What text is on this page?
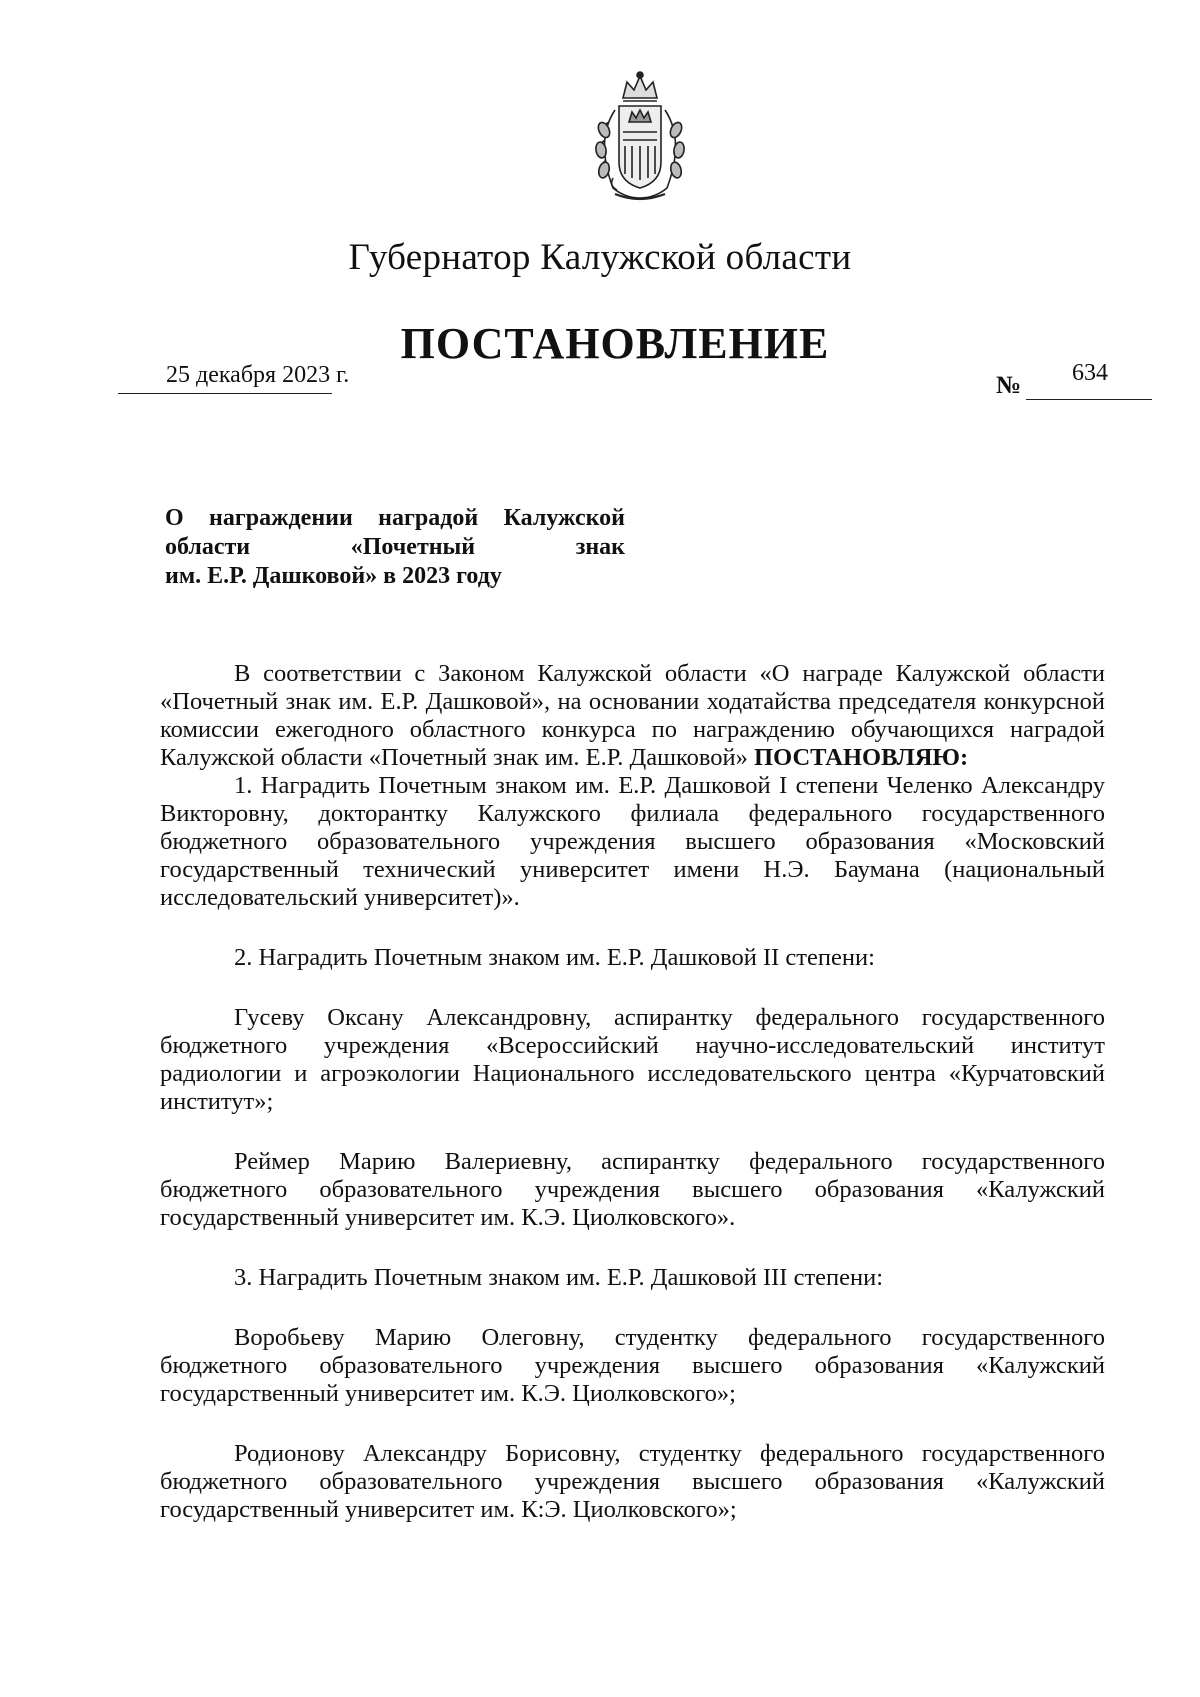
Губернатор Калужской области
ПОСТАНОВЛЕНИЕ
25 декабря 2023 г.	№ 634
О награждении наградой Калужской
области «Почетный знак
им. Е.Р. Дашковой» в 2023 году

В соответствии с Законом Калужской области «О награде Калужской области «Почетный знак им. Е.Р. Дашковой», на основании ходатайства председателя конкурсной комиссии ежегодного областного конкурса по награждению обучающихся наградой Калужской области «Почетный знак им. Е.Р. Дашковой» ПОСТАНОВЛЯЮ:

1. Наградить Почетным знаком им. Е.Р. Дашковой I степени Челенко Александру Викторовну, докторантку Калужского филиала федерального государственного бюджетного образовательного учреждения высшего образования «Московский государственный технический университет имени Н.Э. Баумана (национальный исследовательский университет)».

2. Наградить Почетным знаком им. Е.Р. Дашковой II степени:

Гусеву Оксану Александровну, аспирантку федерального государственного бюджетного учреждения «Всероссийский научно-исследовательский институт радиологии и агроэкологии Национального исследовательского центра «Курчатовский институт»;

Реймер Марию Валериевну, аспирантку федерального государственного бюджетного образовательного учреждения высшего образования «Калужский государственный университет им. К.Э. Циолковского».

3. Наградить Почетным знаком им. Е.Р. Дашковой III степени:

Воробьеву Марию Олеговну, студентку федерального государственного бюджетного образовательного учреждения высшего образования «Калужский государственный университет им. К.Э. Циолковского»;

Родионову Александру Борисовну, студентку федерального государственного бюджетного образовательного учреждения высшего образования «Калужский государственный университет им. К:Э. Циолковского»;
